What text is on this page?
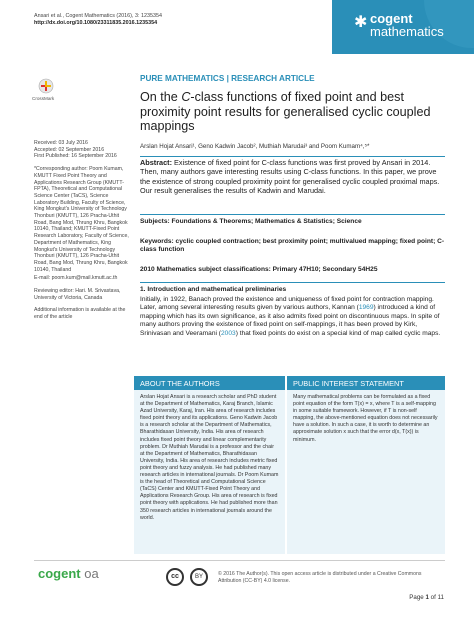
Ansari et al., Cogent Mathematics (2016), 3: 1235354
http://dx.doi.org/10.1080/23311835.2016.1235354	✱ cogent
mathematics
CrossMark
PURE MATHEMATICS | RESEARCH ARTICLE
On the C-class functions of fixed point and best proximity point results for generalised cyclic coupled mappings
Arslan Hojat Ansari¹, Geno Kadwin Jacob², Muthiah Marudai³ and Poom Kumam⁴,⁵*

Received: 03 July 2016
Accepted: 02 September 2016
First Published: 16 September 2016

*Corresponding author: Poom Kumam, KMUTT Fixed Point Theory and Applications Research Group (KMUTT-FPTA), Theoretical and Computational Science Center (TaCS), Science Laboratory Building, Faculty of Science, King Mongkut's University of Technology Thonburi (KMUTT), 126 Pracha-Uthit Road, Bang Mod, Thrung Khru, Bangkok 10140, Thailand; KMUTT-Fixed Point Research Laboratory, Faculty of Science, Department of Mathematics, King Mongkut's University of Technology Thonburi (KMUTT), 126 Pracha-Uthit Road, Bang Mod, Thrung Khru, Bangkok 10140, Thailand

E-mail: poom.kum@mail.kmutt.ac.th

Reviewing editor: Hari. M. Srivastava, University of Victoria, Canada

Additional information is available at the end of the article

Abstract: Existence of fixed point for C-class functions was first proved by Ansari in 2014. Then, many authors gave interesting results using C-class functions. In this paper, we prove the existence of strong coupled proximity point for generalised cyclic coupled proximal maps. Our result generalises the results of Kadwin and Marudai.
Subjects: Foundations & Theorems; Mathematics & Statistics; Science
Keywords: cyclic coupled contraction; best proximity point; multivalued mapping; fixed point; C-class function
2010 Mathematics subject classifications: Primary 47H10; Secondary 54H25
1. Introduction and mathematical preliminaries
Initially, in 1922, Banach proved the existence and uniqueness of fixed point for contraction mapping. Later, among several interesting results given by various authors, Kannan (1969) introduced a kind of mapping which has its own significance, as it also admits fixed point on discontinuous maps. In spite of many authors proving the existence of fixed point on self-mappings, it has been proved by Kirk, Srinivasan and Veeramani (2003) that fixed points do exist on a special kind of map called cyclic maps.
ABOUT THE AUTHORS
Arslan Hojat Ansari is a research scholar and PhD student at the Department of Mathematics, Karaj Branch, Islamic Azad University, Karaj, Iran. His area of research includes fixed point theory and its applications. Geno Kadwin Jacob is a research scholar at the Department of Mathematics, Bharathidasan University, India. His area of research includes fixed point theory and linear complementarity problem. Dr Muthiah Marudai is a professor and the chair at the Department of Mathematics, Bharathidasan University, India. His area of research includes metric fixed point theory and fuzzy analysis. He had published many research articles in international journals. Dr Poom Kumam is the head of Theoretical and Computational Science (TaCS) Center and KMUTT-Fixed Point Theory and Applications Research Group. His area of research is fixed point theory with applications. He had published more than 350 research articles in international journals around the world.
PUBLIC INTEREST STATEMENT
Many mathematical problems can be formulated as a fixed point equation of the form T(x) = x, where T is a self-mapping in some suitable framework. However, if T is non-self mapping, the above-mentioned equation does not necessarily have a solution. In such a case, it is worth to determine an approximate solution x such that the error d(x, T(x)) is minimum.
cogent oa	cc	BY	© 2016 The Author(s). This open access article is distributed under a Creative Commons Attribution (CC-BY) 4.0 license.
Page 1 of 11
